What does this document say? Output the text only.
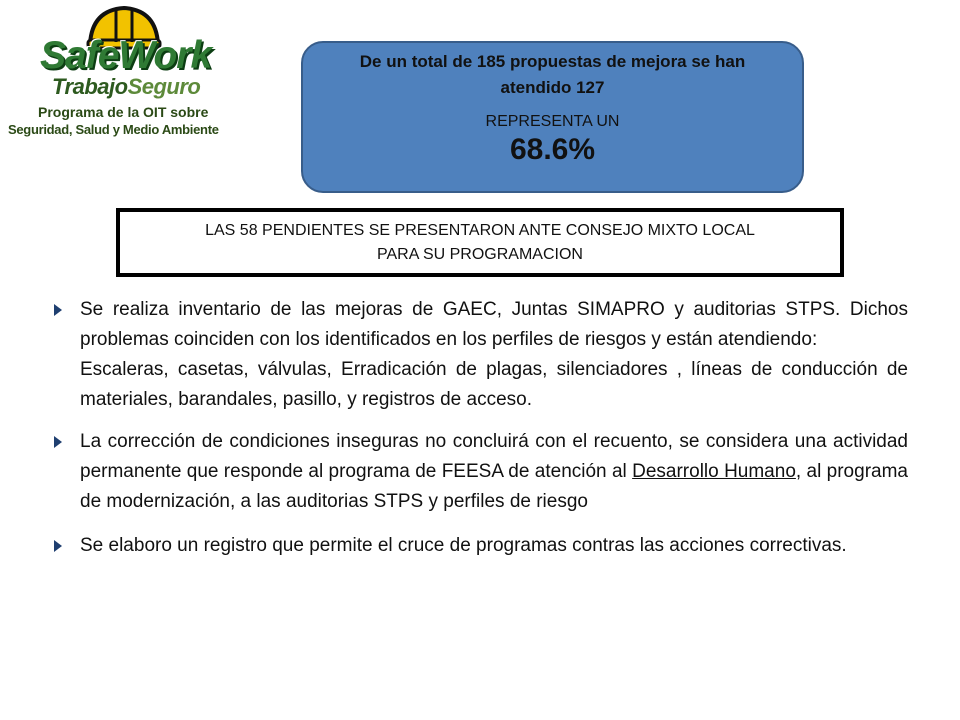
SafeWork
TrabajoSeguro
Programa de la OIT sobre
Seguridad, Salud y Medio Ambiente
De un total de 185 propuestas de mejora se han atendido 127
REPRESENTA UN
68.6%
LAS 58 PENDIENTES SE PRESENTARON ANTE CONSEJO MIXTO LOCAL
PARA SU PROGRAMACION

Se realiza inventario de las mejoras de GAEC, Juntas SIMAPRO y auditorias STPS. Dichos problemas coinciden con los identificados en los perfiles de riesgos y están atendiendo:

Escaleras, casetas, válvulas, Erradicación de plagas, silenciadores , líneas de conducción de materiales, barandales, pasillo, y registros de acceso.

La corrección de condiciones inseguras no concluirá con el recuento, se considera una actividad permanente que responde al programa de FEESA de atención al Desarrollo Humano, al programa de modernización, a las auditorias STPS y perfiles de riesgo

Se elaboro un registro que permite el cruce de programas contras las acciones correctivas.
